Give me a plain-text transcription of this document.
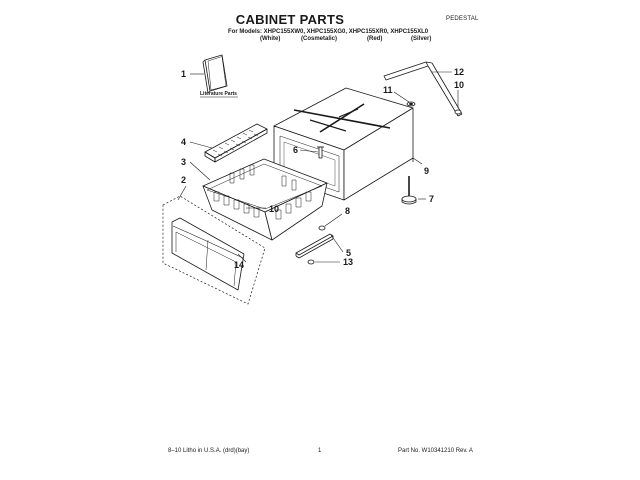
CABINET PARTS	PEDESTAL
For Models: XHPC155XW0, XHPC155XG0, XHPC155XR0, XHPC155XL0
(White)	(Cosmetalic)	(Red)	(Silver)
1
2
3
4
5
6
7
8
9
10
10
11
12
13
14
Literature Parts
8–10 Litho in U.S.A. (drd)(bay)	1	Part No. W10341210 Rev. A
